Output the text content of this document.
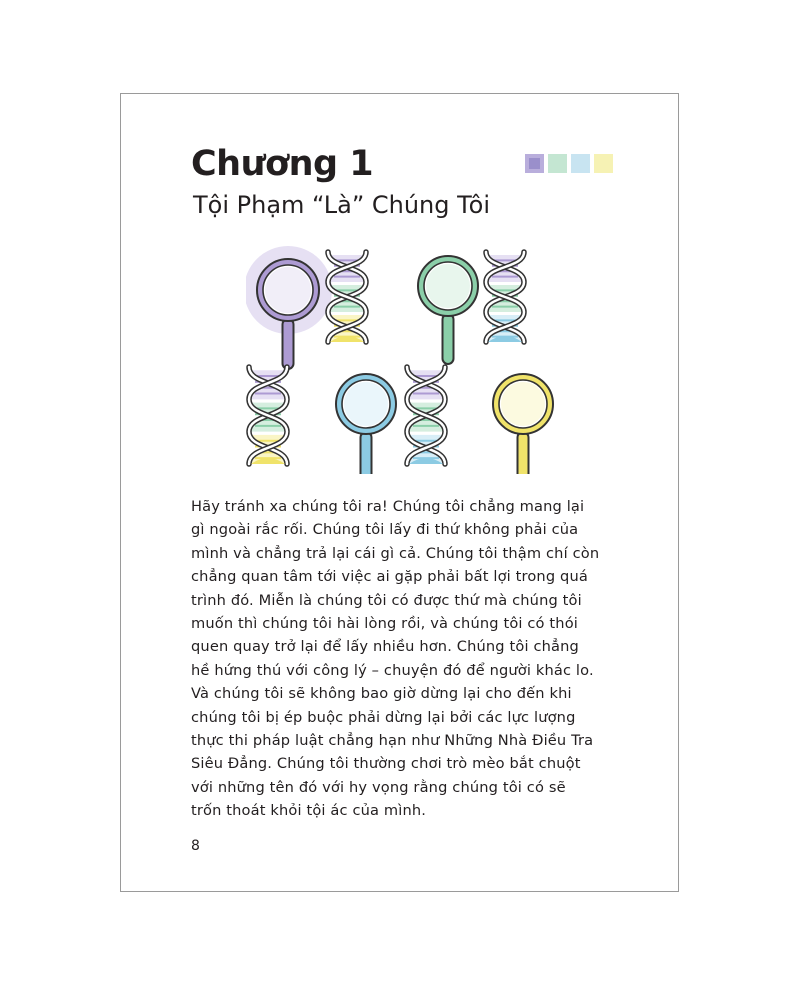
Chương 1
Tội Phạm “Là” Chúng Tôi

Hãy tránh xa chúng tôi ra! Chúng tôi chẳng mang lại
gì ngoài rắc rối. Chúng tôi lấy đi thứ không phải của
mình và chẳng trả lại cái gì cả. Chúng tôi thậm chí còn
chẳng quan tâm tới việc ai gặp phải bất lợi trong quá
trình đó. Miễn là chúng tôi có được thứ mà chúng tôi
muốn thì chúng tôi hài lòng rồi, và chúng tôi có thói
quen quay trở lại để lấy nhiều hơn. Chúng tôi chẳng
hề hứng thú với công lý – chuyện đó để người khác lo.
Và chúng tôi sẽ không bao giờ dừng lại cho đến khi
chúng tôi bị ép buộc phải dừng lại bởi các lực lượng
thực thi pháp luật chẳng hạn như Những Nhà Điều Tra
Siêu Đẳng. Chúng tôi thường chơi trò mèo bắt chuột
với những tên đó với hy vọng rằng chúng tôi có sẽ
trốn thoát khỏi tội ác của mình.

8
